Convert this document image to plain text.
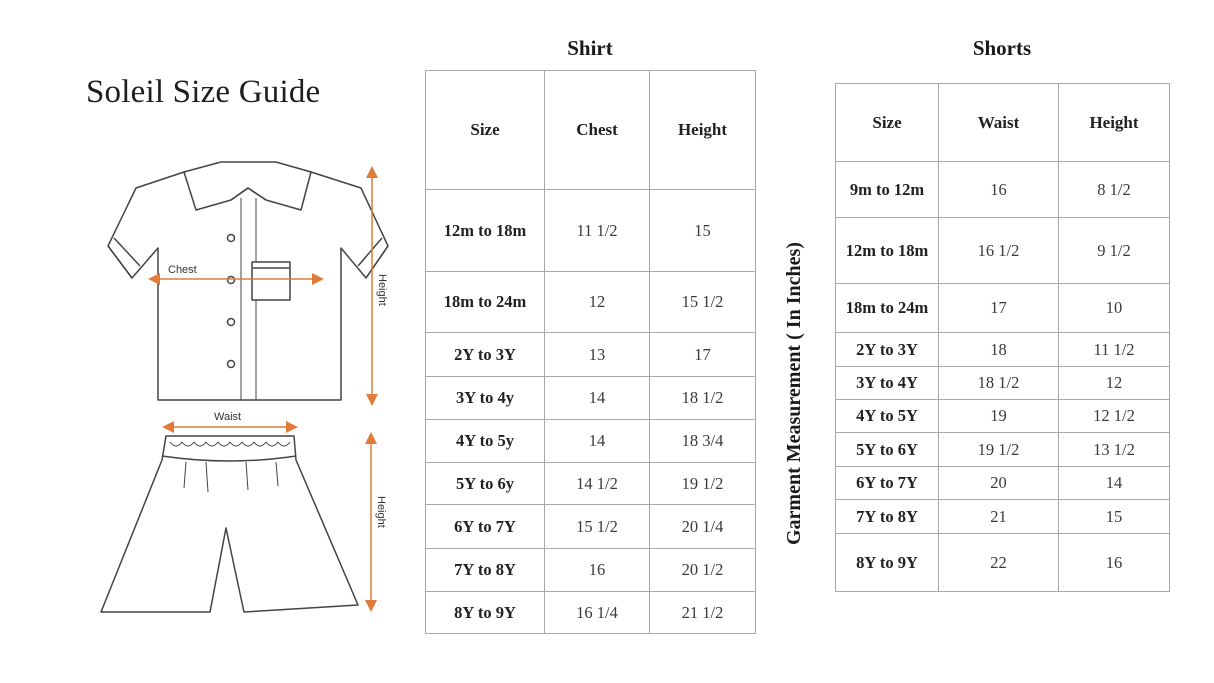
Soleil Size Guide
Chest
Height
Waist
Height
Shirt
Size	Chest	Height
12m to 18m	11 1/2	15
18m to 24m	12	15 1/2
2Y to 3Y	13	17
3Y to 4y	14	18 1/2
4Y to 5y	14	18 3/4
5Y to 6y	14 1/2	19 1/2
6Y to 7Y	15 1/2	20 1/4
7Y to 8Y	16	20 1/2
8Y to 9Y	16 1/4	21 1/2
Garment Measurement ( In Inches)
Shorts
Size	Waist	Height
9m to 12m	16	8 1/2
12m to 18m	16 1/2	9 1/2
18m to 24m	17	10
2Y to 3Y	18	11 1/2
3Y to 4Y	18 1/2	12
4Y to 5Y	19	12 1/2
5Y to 6Y	19 1/2	13 1/2
6Y to 7Y	20	14
7Y to 8Y	21	15
8Y to 9Y	22	16
